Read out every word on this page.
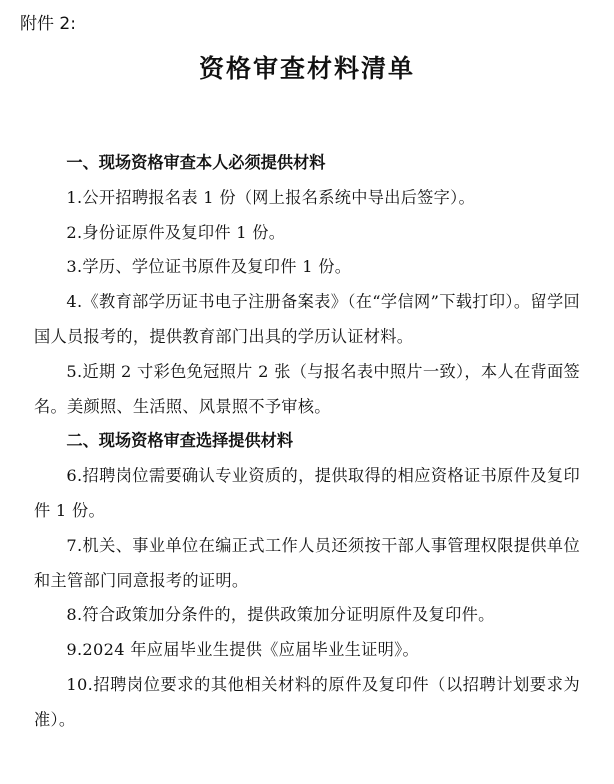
附件 2:
资格审查材料清单

一、现场资格审查本人必须提供材料

1.公开招聘报名表 1 份（网上报名系统中导出后签字）。

2.身份证原件及复印件 1 份。

3.学历、学位证书原件及复印件 1 份。

4.《教育部学历证书电子注册备案表》（在“学信网”下载打印）。留学回国人员报考的，提供教育部门出具的学历认证材料。

5.近期 2 寸彩色免冠照片 2 张（与报名表中照片一致），本人在背面签名。美颜照、生活照、风景照不予审核。

二、现场资格审查选择提供材料

6.招聘岗位需要确认专业资质的，提供取得的相应资格证书原件及复印件 1 份。

7.机关、事业单位在编正式工作人员还须按干部人事管理权限提供单位和主管部门同意报考的证明。

8.符合政策加分条件的，提供政策加分证明原件及复印件。

9.2024 年应届毕业生提供《应届毕业生证明》。

10.招聘岗位要求的其他相关材料的原件及复印件（以招聘计划要求为准）。
